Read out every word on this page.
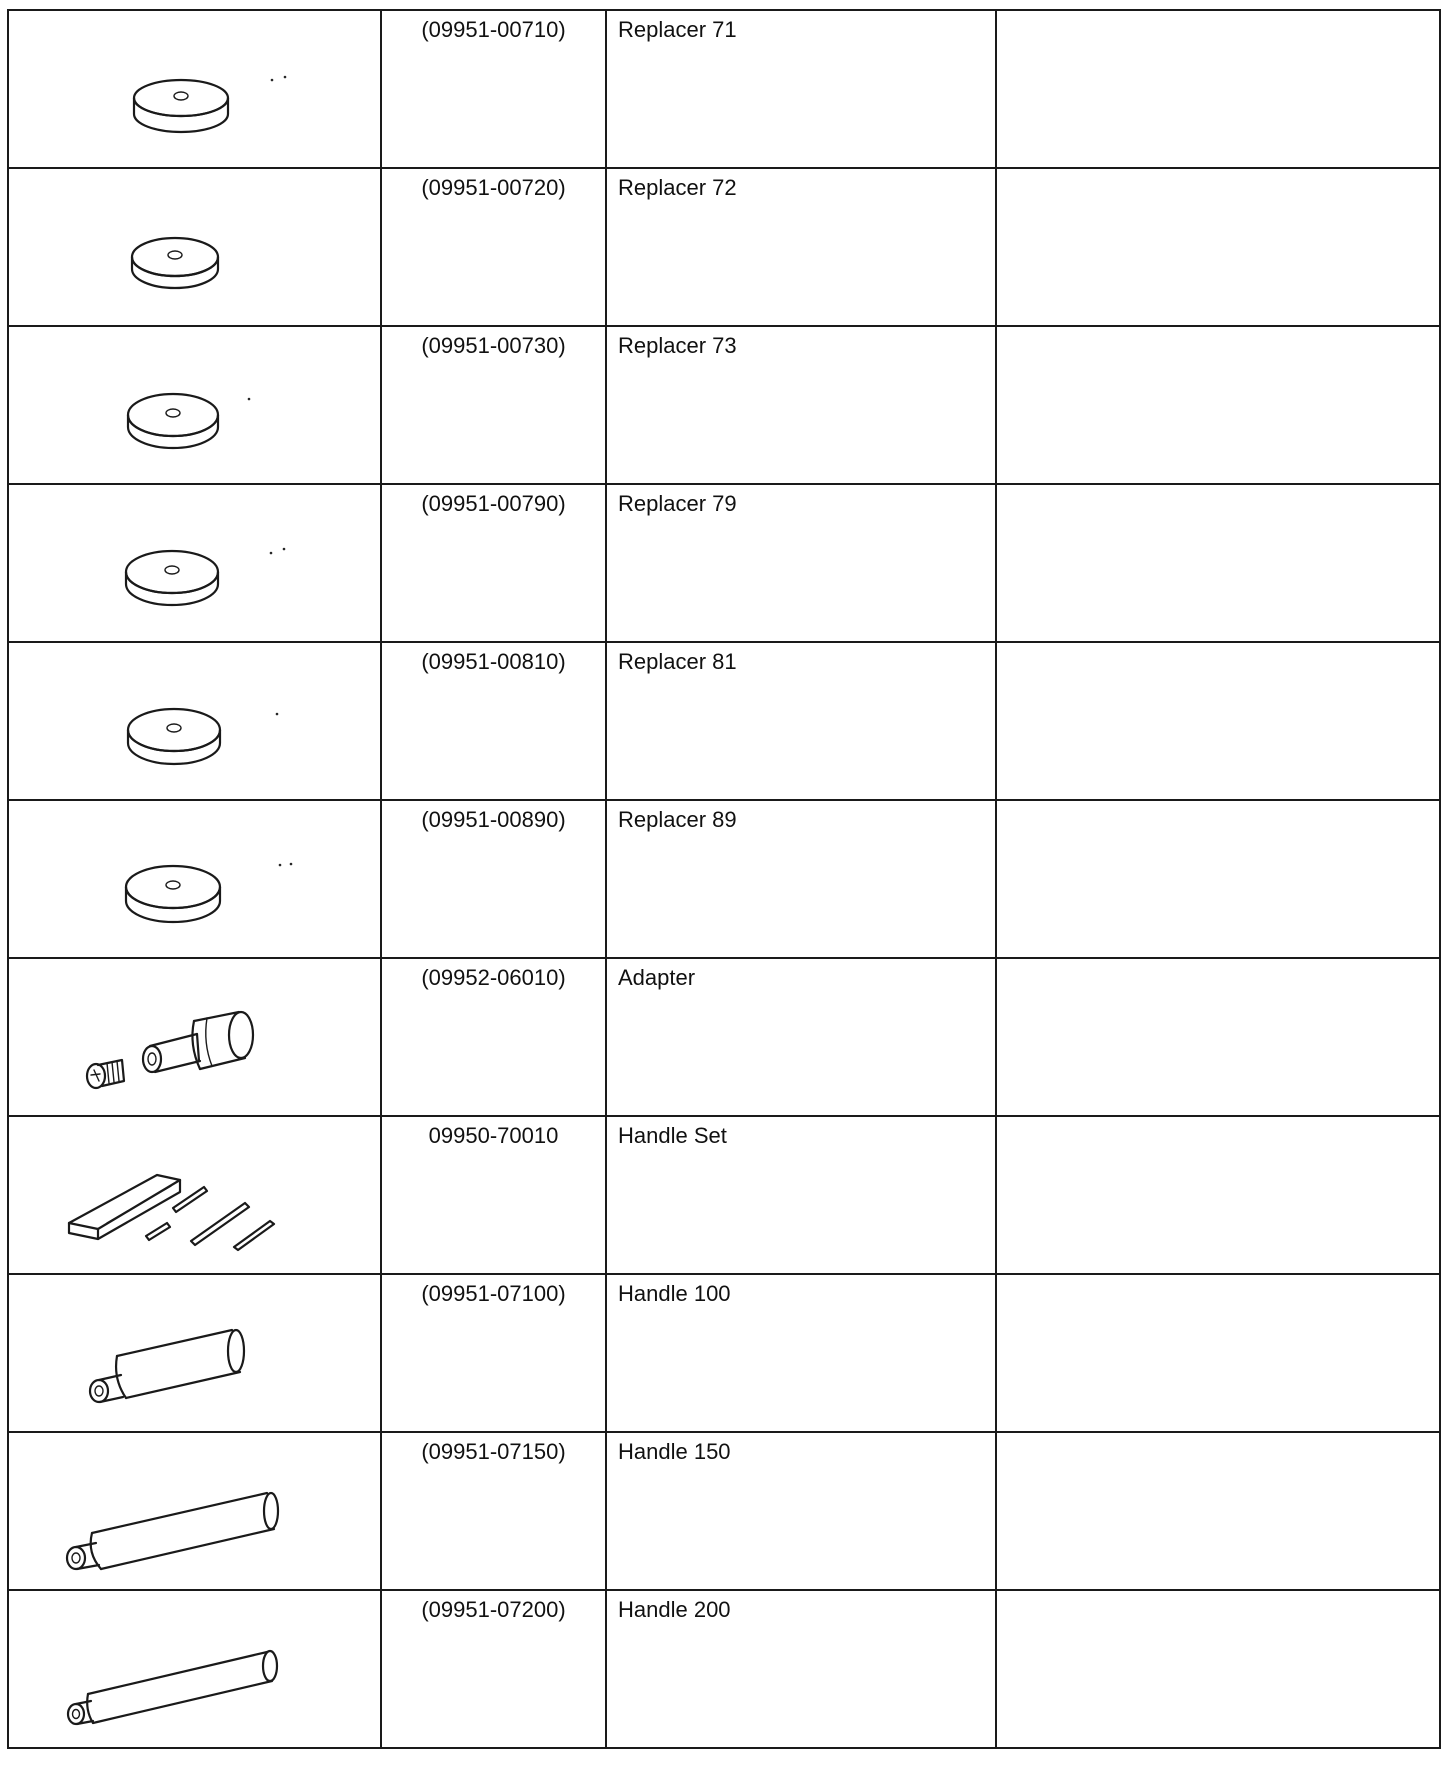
	(09951-00710)	Replacer 71	

	(09951-00720)	Replacer 72	

	(09951-00730)	Replacer 73	

	(09951-00790)	Replacer 79	

	(09951-00810)	Replacer 81	

	(09951-00890)	Replacer 89	

	(09952-06010)	Adapter	

	09950-70010	Handle Set	

	(09951-07100)	Handle 100	

	(09951-07150)	Handle 150	

	(09951-07200)	Handle 200	
